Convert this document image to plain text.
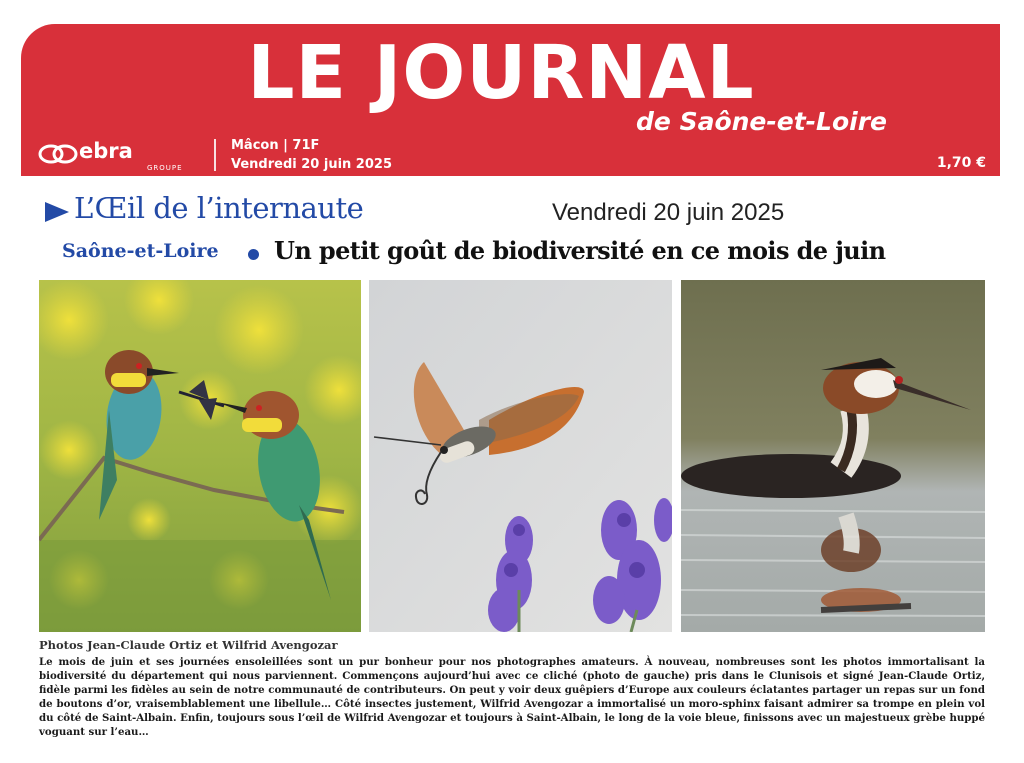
LE JOURNAL
de Saône-et-Loire
ebra
GROUPE
Mâcon | 71F
Vendredi 20 juin 2025	1,70 €
L’Œil de l’internaute	Vendredi 20 juin 2025
Saône-et-Loire Un petit goût de biodiversité en ce mois de juin
Photos Jean-Claude Ortiz et Wilfrid Avengozar
Le mois de juin et ses journées ensoleillées sont un pur bonheur pour nos photographes amateurs. À nouveau, nombreuses sont les photos immortalisant la biodiversité du département qui nous parviennent. Commençons aujourd’hui avec ce cliché (photo de gauche) pris dans le Clunisois et signé Jean-Claude Ortiz, fidèle parmi les fidèles au sein de notre communauté de contributeurs. On peut y voir deux guêpiers d’Europe aux couleurs éclatantes partager un repas sur un fond de boutons d’or, vraisemblablement une libellule… Côté insectes justement, Wilfrid Avengozar a immortalisé un moro-sphinx faisant admirer sa trompe en plein vol du côté de Saint-Albain. Enfin, toujours sous l’œil de Wilfrid Avengozar et toujours à Saint-Albain, le long de la voie bleue, finissons avec un majestueux grèbe huppé voguant sur l’eau…
